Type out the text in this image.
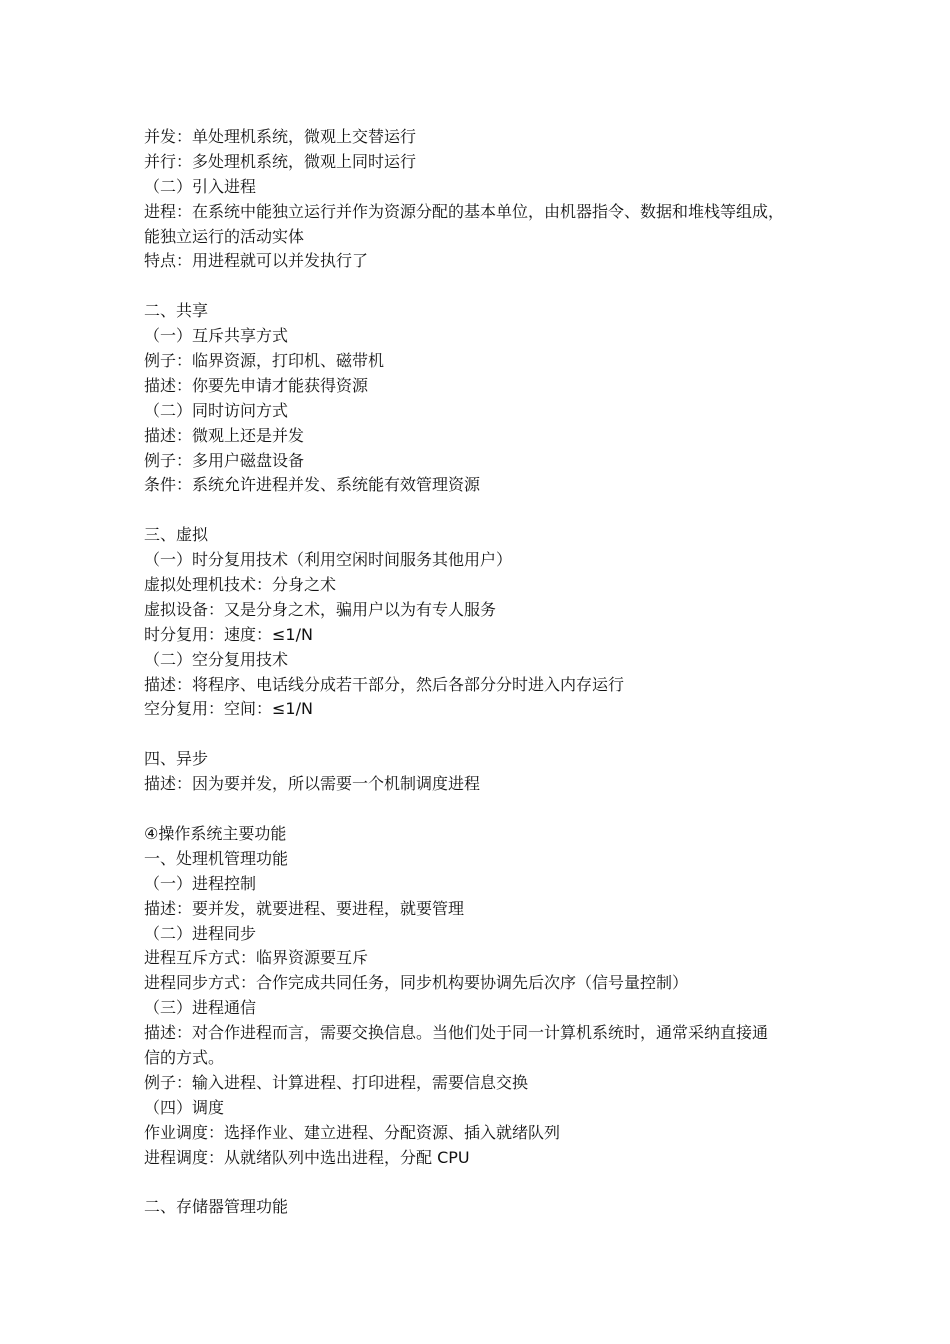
并发：单处理机系统，微观上交替运行
并行：多处理机系统，微观上同时运行
（二）引入进程
进程：在系统中能独立运行并作为资源分配的基本单位，由机器指令、数据和堆栈等组成，
能独立运行的活动实体
特点：用进程就可以并发执行了
二、共享
（一）互斥共享方式
例子：临界资源，打印机、磁带机
描述：你要先申请才能获得资源
（二）同时访问方式
描述：微观上还是并发
例子：多用户磁盘设备
条件：系统允许进程并发、系统能有效管理资源
三、虚拟
（一）时分复用技术（利用空闲时间服务其他用户）
虚拟处理机技术：分身之术
虚拟设备：又是分身之术，骗用户以为有专人服务
时分复用：速度：≤1/N
（二）空分复用技术
描述：将程序、电话线分成若干部分，然后各部分分时进入内存运行
空分复用：空间：≤1/N
四、异步
描述：因为要并发，所以需要一个机制调度进程
④操作系统主要功能
一、处理机管理功能
（一）进程控制
描述：要并发，就要进程、要进程，就要管理
（二）进程同步
进程互斥方式：临界资源要互斥
进程同步方式：合作完成共同任务，同步机构要协调先后次序（信号量控制）
（三）进程通信
描述：对合作进程而言，需要交换信息。当他们处于同一计算机系统时，通常采纳直接通
信的方式。
例子：输入进程、计算进程、打印进程，需要信息交换
（四）调度
作业调度：选择作业、建立进程、分配资源、插入就绪队列
进程调度：从就绪队列中选出进程，分配 CPU
二、存储器管理功能
